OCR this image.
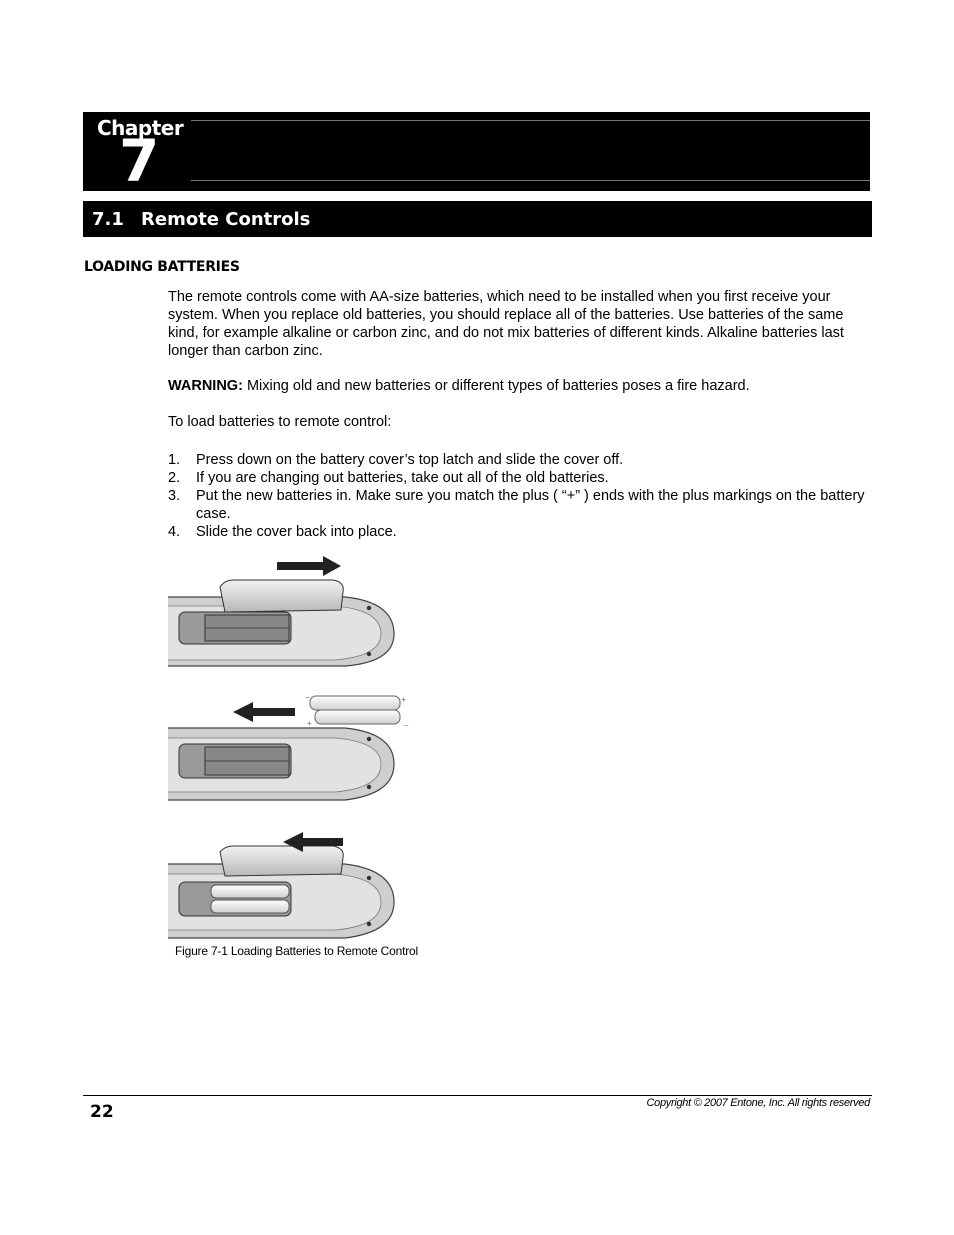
Chapter
7
7.1 Remote Controls
LOADING BATTERIES

The remote controls come with AA-size batteries, which need to be installed when you first receive your system. When you replace old batteries, you should replace all of the batteries. Use batteries of the same kind, for example alkaline or carbon zinc, and do not mix batteries of different kinds. Alkaline batteries last longer than carbon zinc.

WARNING: Mixing old and new batteries or different types of batteries poses a fire hazard.

To load batteries to remote control:

1. Press down on the battery cover’s top latch and slide the cover off.
2. If you are changing out batteries, take out all of the old batteries.
3. Put the new batteries in. Make sure you match the plus ( “+” ) ends with the plus markings on the battery case.
4. Slide the cover back into place.
+
−
+	−
Figure 7-1 Loading Batteries to Remote Control
22	Copyright © 2007 Entone, Inc. All rights reserved
